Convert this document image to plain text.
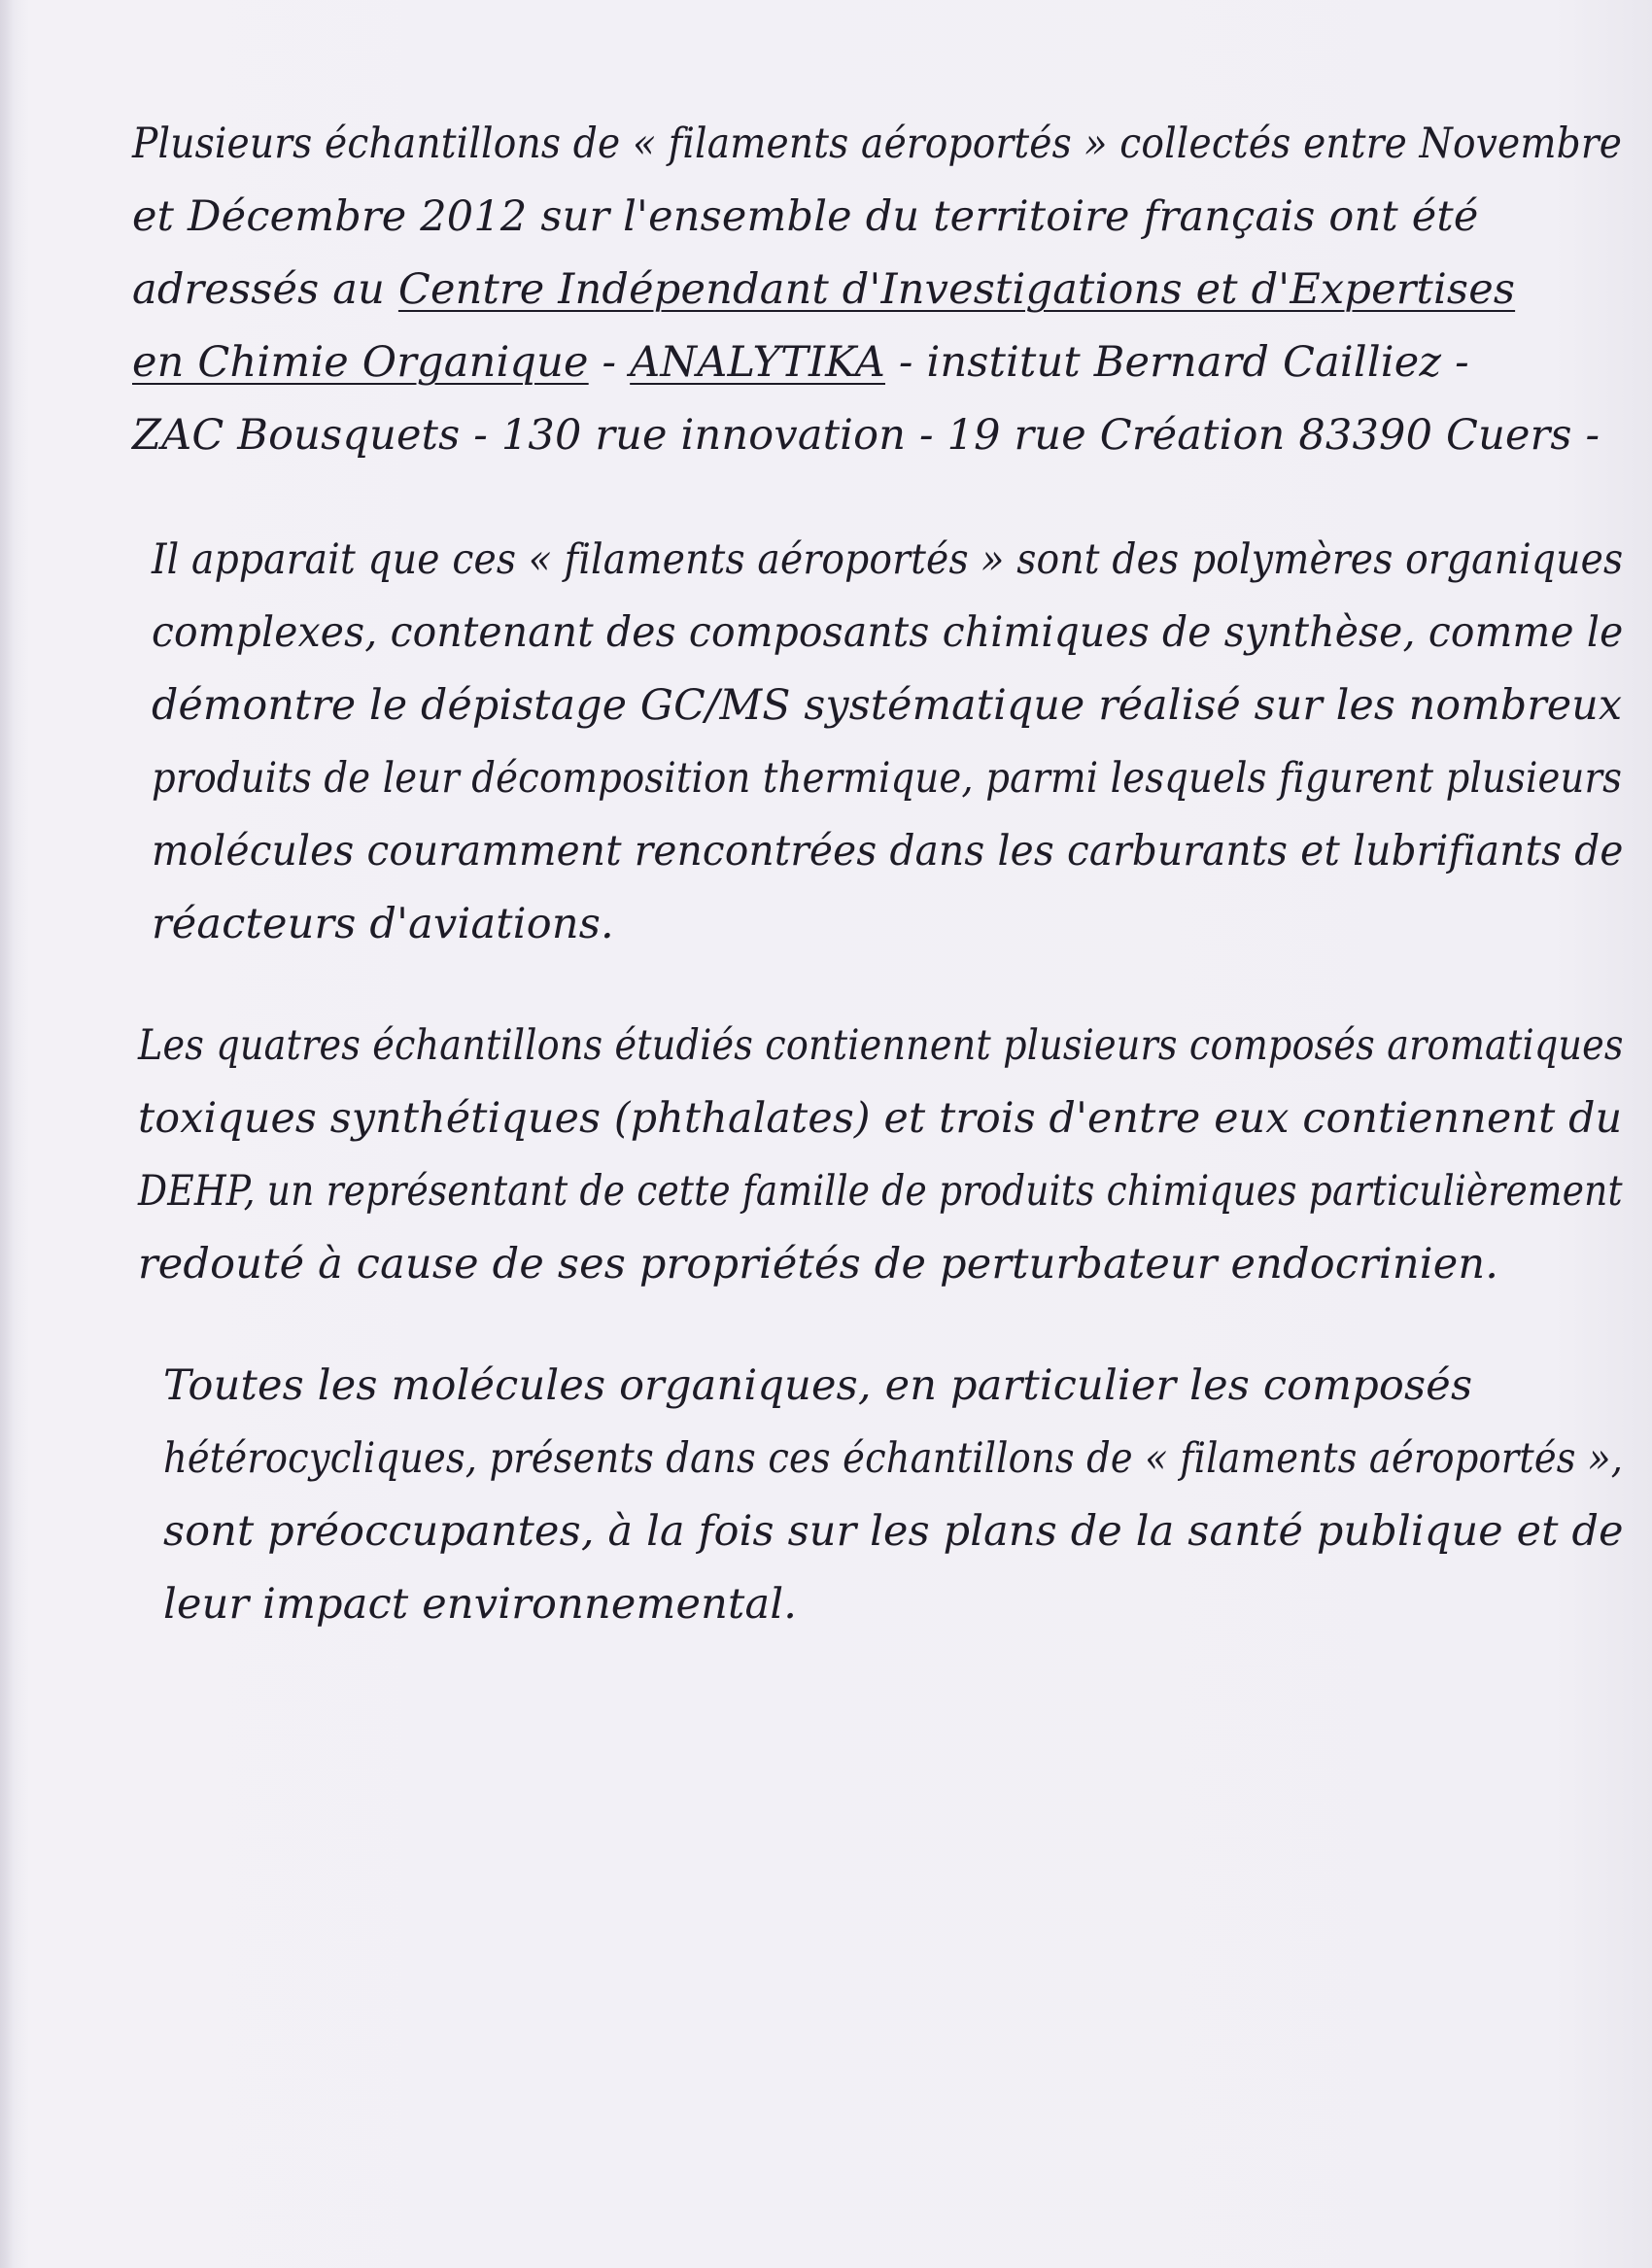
Plusieurs échantillons de « filaments aéroportés » collectés entre Novembre
et Décembre 2012 sur l'ensemble du territoire français ont été
adressés au Centre Indépendant d'Investigations et d'Expertises
en Chimie Organique - ANALYTIKA - institut Bernard Cailliez -
ZAC Bousquets - 130 rue innovation - 19 rue Création 83390 Cuers -
Il apparait que ces « filaments aéroportés » sont des polymères organiques
complexes, contenant des composants chimiques de synthèse, comme le
démontre le dépistage GC/MS systématique réalisé sur les nombreux
produits de leur décomposition thermique, parmi lesquels figurent plusieurs
molécules couramment rencontrées dans les carburants et lubrifiants de
réacteurs d'aviations.
Les quatres échantillons étudiés contiennent plusieurs composés aromatiques
toxiques synthétiques (phthalates) et trois d'entre eux contiennent du
DEHP, un représentant de cette famille de produits chimiques particulièrement
redouté à cause de ses propriétés de perturbateur endocrinien.
Toutes les molécules organiques, en particulier les composés
hétérocycliques, présents dans ces échantillons de « filaments aéroportés »,
sont préoccupantes, à la fois sur les plans de la santé publique et de
leur impact environnemental.
